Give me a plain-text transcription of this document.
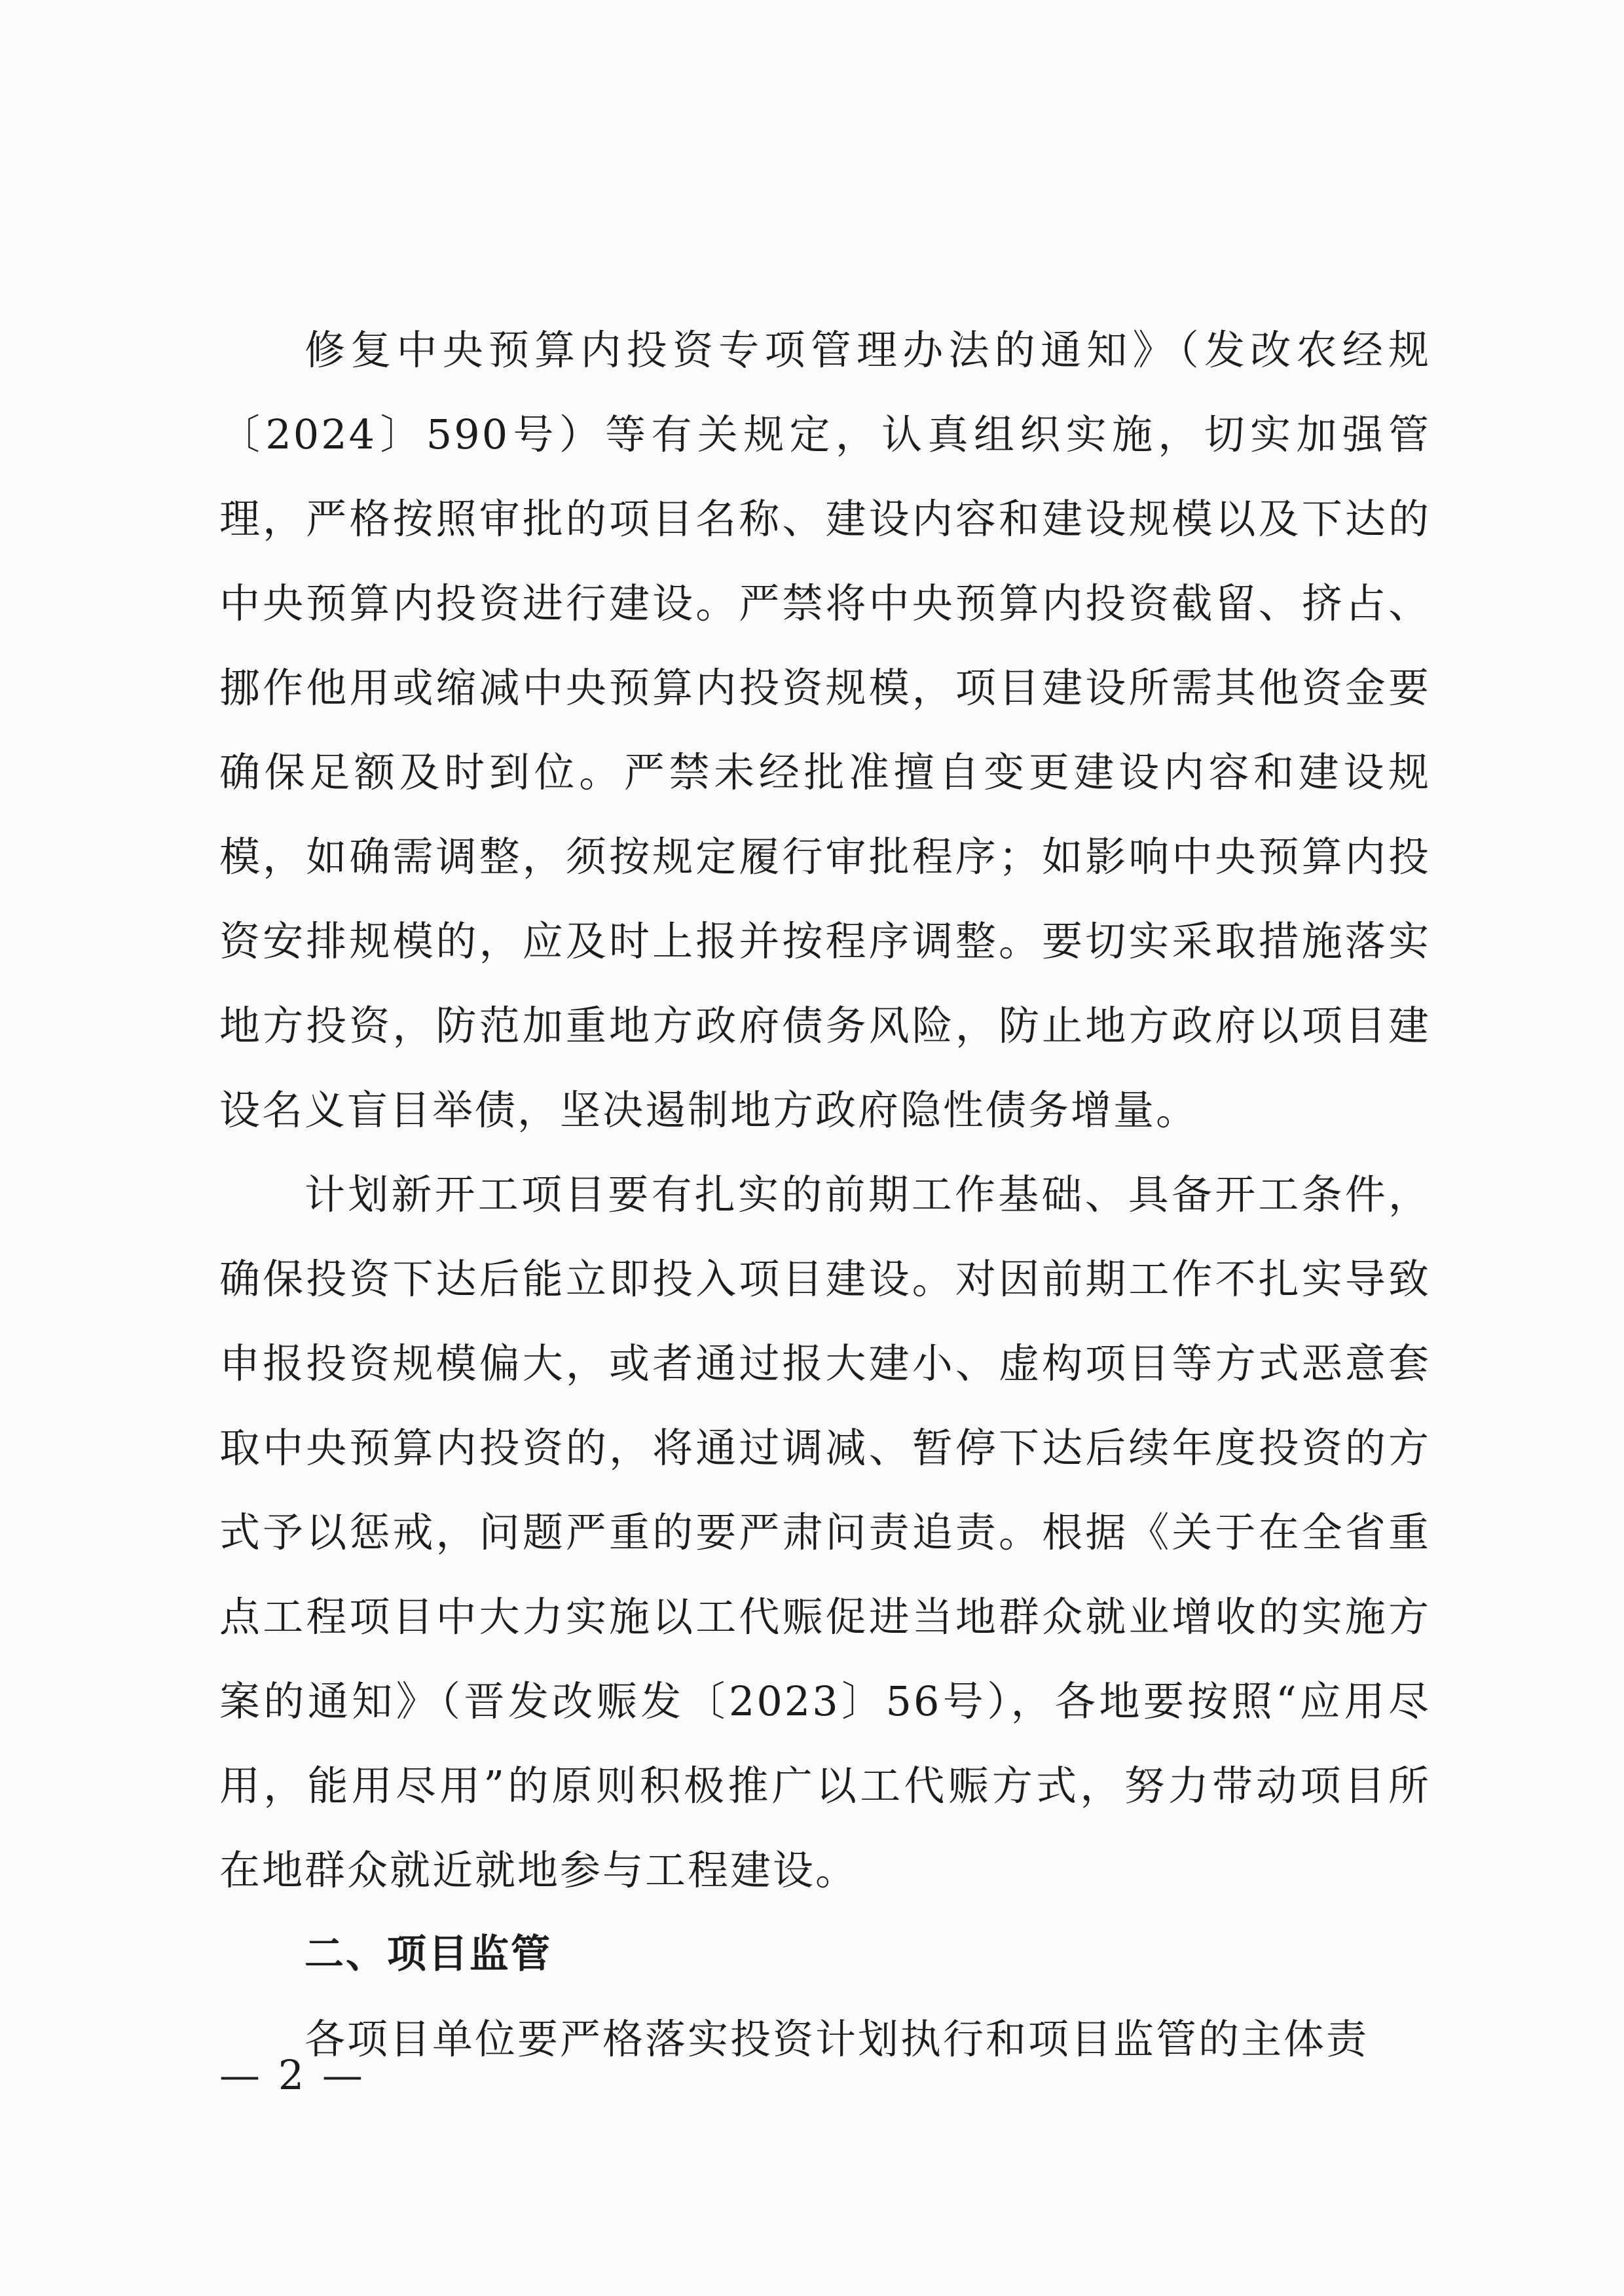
修复中央预算内投资专项管理办法的通知》（发改农经规〔2024〕590号）等有关规定，认真组织实施，切实加强管理，严格按照审批的项目名称、建设内容和建设规模以及下达的中央预算内投资进行建设。严禁将中央预算内投资截留、挤占、挪作他用或缩减中央预算内投资规模，项目建设所需其他资金要确保足额及时到位。严禁未经批准擅自变更建设内容和建设规模，如确需调整，须按规定履行审批程序；如影响中央预算内投资安排规模的，应及时上报并按程序调整。要切实采取措施落实地方投资，防范加重地方政府债务风险，防止地方政府以项目建设名义盲目举债，坚决遏制地方政府隐性债务增量。

计划新开工项目要有扎实的前期工作基础、具备开工条件，确保投资下达后能立即投入项目建设。对因前期工作不扎实导致申报投资规模偏大，或者通过报大建小、虚构项目等方式恶意套取中央预算内投资的，将通过调减、暂停下达后续年度投资的方式予以惩戒，问题严重的要严肃问责追责。根据《关于在全省重点工程项目中大力实施以工代赈促进当地群众就业增收的实施方案的通知》（晋发改赈发〔2023〕56号），各地要按照“应用尽用，能用尽用”的原则积极推广以工代赈方式，努力带动项目所在地群众就近就地参与工程建设。

二、项目监管

各项目单位要严格落实投资计划执行和项目监管的主体责

— 2 —
